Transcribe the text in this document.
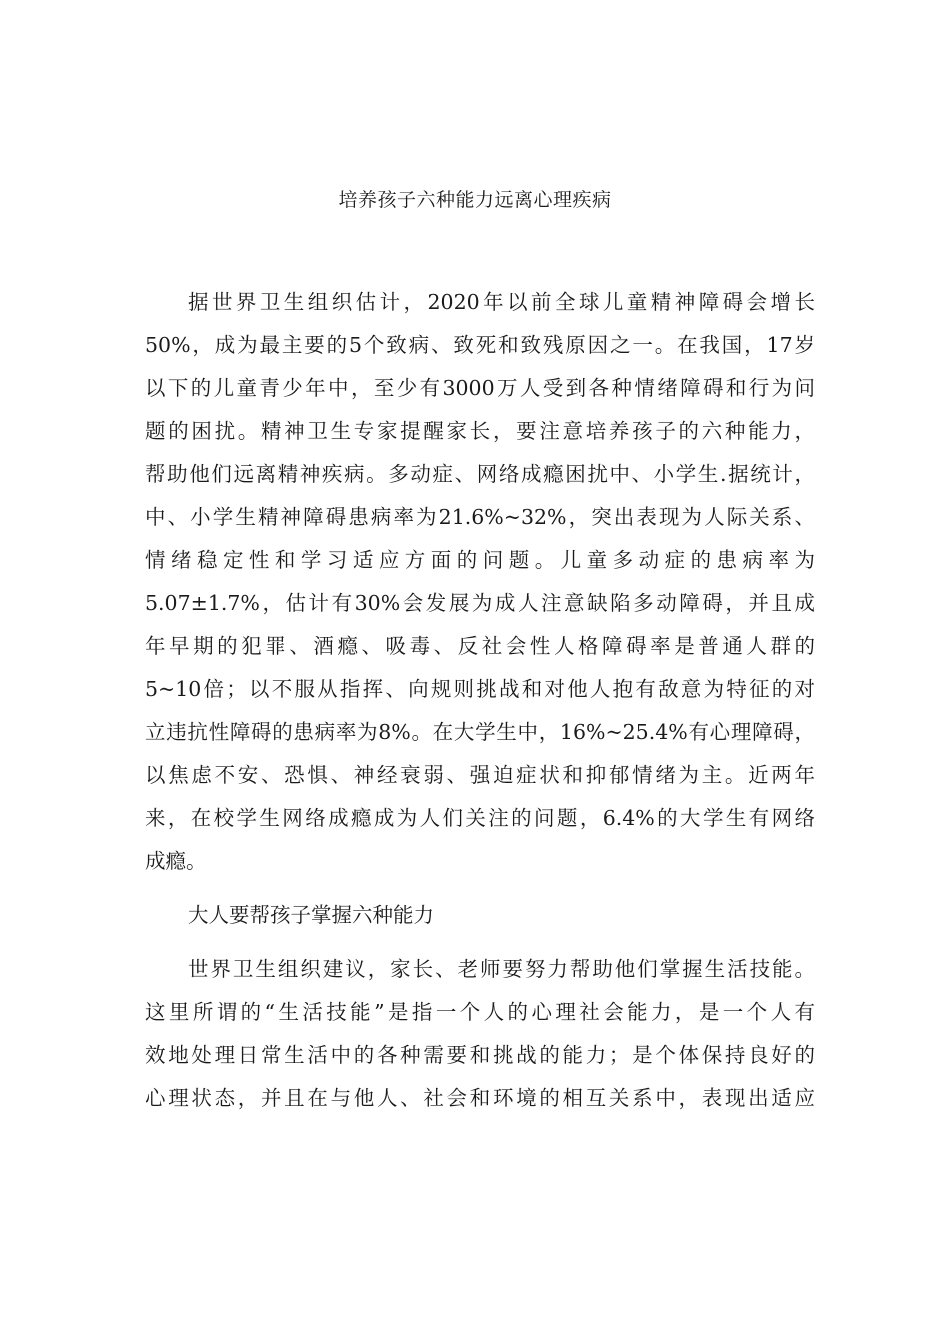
培养孩子六种能力远离心理疾病
据世界卫生组织估计，2020年以前全球儿童精神障碍会增长
50%，成为最主要的5个致病、致死和致残原因之一。在我国，17岁
以下的儿童青少年中，至少有3000万人受到各种情绪障碍和行为问
题的困扰。精神卫生专家提醒家长，要注意培养孩子的六种能力，
帮助他们远离精神疾病。多动症、网络成瘾困扰中、小学生.据统计，
中、小学生精神障碍患病率为21.6%~32%，突出表现为人际关系、
情绪稳定性和学习适应方面的问题。儿童多动症的患病率为
5.07±1.7%，估计有30%会发展为成人注意缺陷多动障碍，并且成
年早期的犯罪、酒瘾、吸毒、反社会性人格障碍率是普通人群的
5~10倍；以不服从指挥、向规则挑战和对他人抱有敌意为特征的对
立违抗性障碍的患病率为8%。在大学生中，16%~25.4%有心理障碍，
以焦虑不安、恐惧、神经衰弱、强迫症状和抑郁情绪为主。近两年
来，在校学生网络成瘾成为人们关注的问题，6.4%的大学生有网络
成瘾。
大人要帮孩子掌握六种能力
世界卫生组织建议，家长、老师要努力帮助他们掌握生活技能。
这里所谓的“生活技能”是指一个人的心理社会能力，是一个人有
效地处理日常生活中的各种需要和挑战的能力；是个体保持良好的
心理状态，并且在与他人、社会和环境的相互关系中，表现出适应
